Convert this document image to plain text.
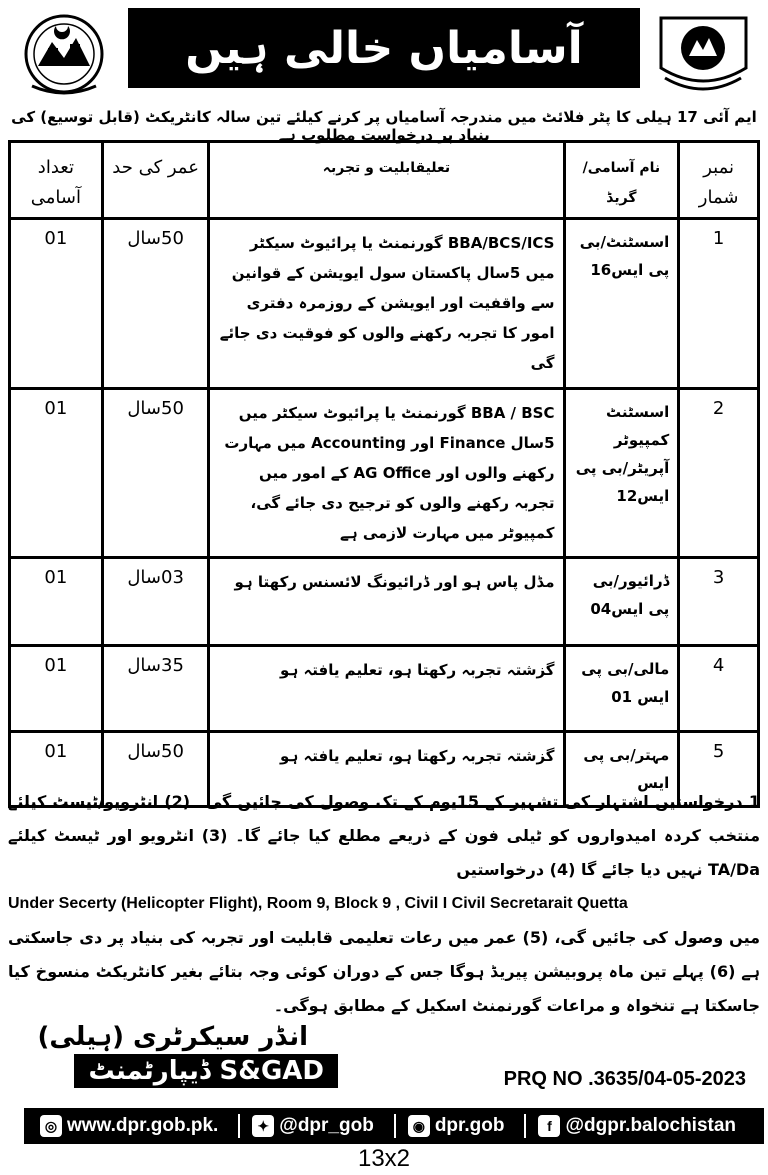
آسامیاں خالی ہیں
ایم آئی 17 ہیلی کا پٹر فلائٹ میں مندرجہ آسامیاں پر کرنے کیلئے تین سالہ کانٹریکٹ (قابل توسیع) کی بنیاد پر درخواست مطلوب ہے
نمبر شمار	نام آسامی/گریڈ	تعلیقابلیت و تجربہ	عمر کی حد	تعداد آسامی
1	اسسٹنٹ/بی پی ایس16	BBA/BCS/ICS گورنمنٹ یا پرائیوٹ سیکٹر میں 5سال پاکستان سول ایویشن کے قوانین سے واقفیت اور ایویشن کے روزمرہ دفتری امور کا تجربہ رکھنے والوں کو فوقیت دی جائے گی	50سال	01
2	اسسٹنٹ کمپیوٹر آپریٹر/بی پی ایس12	BBA / BSC گورنمنٹ یا پرائیوٹ سیکٹر میں 5سال Finance اور Accounting میں مہارت رکھنے والوں اور AG Office کے امور میں تجربہ رکھنے والوں کو ترجیح دی جائے گی، کمپیوٹر میں مہارت لازمی ہے	50سال	01
3	ڈرائیور/بی پی ایس04	مڈل پاس ہو اور ڈرائیونگ لائسنس رکھتا ہو	03سال	01
4	مالی/بی پی ایس 01	گزشتہ تجربہ رکھتا ہو، تعلیم یافتہ ہو	35سال	01
5	مہتر/بی پی ایس	گزشتہ تجربہ رکھتا ہو، تعلیم یافتہ ہو	50سال	01

1 درخواستیں اشتہار کی تشہیر کے 15یوم کے تک وصول کی جائیں گی۔ (2) انٹرویو/ٹیسٹ کیلئے منتخب کردہ امیدواروں کو ٹیلی فون کے ذریعے مطلع کیا جائے گا۔ (3) انٹرویو اور ٹیسٹ کیلئے TA/Da نہیں دیا جائے گا (4) درخواستیں

Under Secerty (Helicopter Flight), Room 9, Block 9 , Civil I Civil Secretarait Quetta

میں وصول کی جائیں گی، (5) عمر میں رعات تعلیمی قابلیت اور تجربہ کی بنیاد پر دی جاسکتی ہے (6) پہلے تین ماہ پروبیشن پیریڈ ہوگا جس کے دوران کوئی وجہ بتائے بغیر کانٹریکٹ منسوخ کیا جاسکتا ہے تنخواہ و مراعات گورنمنٹ اسکیل کے مطابق ہوگی۔

انڈر سیکرٹری (ہیلی)
S&GAD ڈیپارٹمنٹ	PRQ NO .3635/04-05-2023
◎ www.dpr.gob.pk.	✦ @dpr_gob	◉ dpr.gob	f @dgpr.balochistan
13x2
